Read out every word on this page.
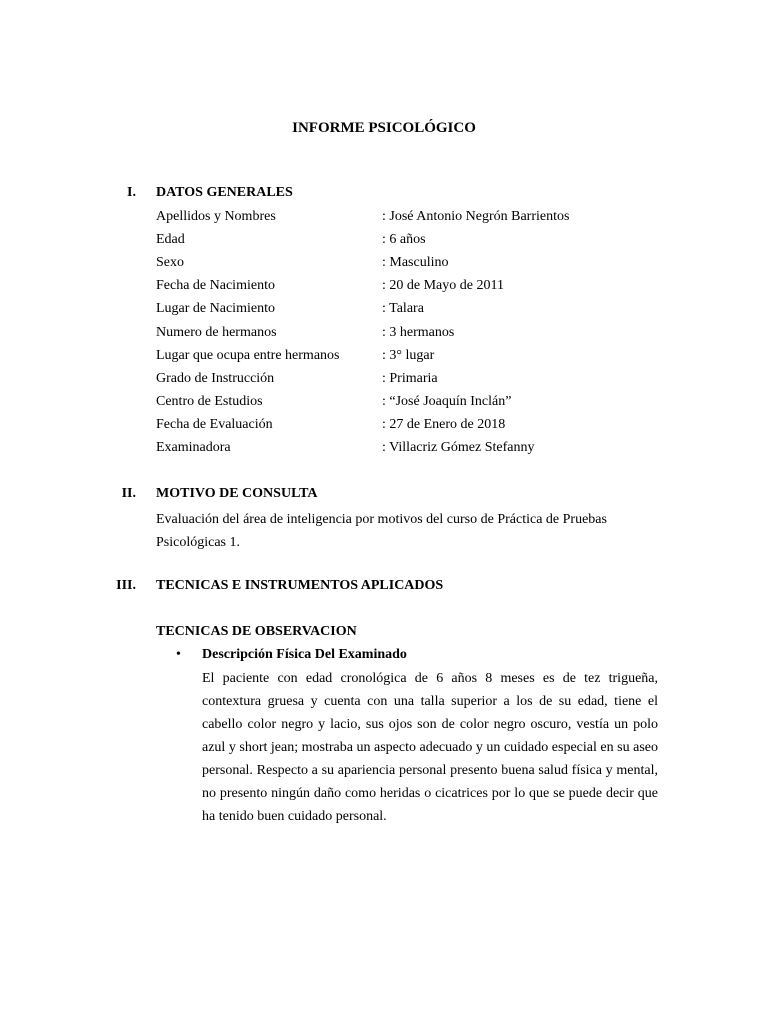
INFORME PSICOLÓGICO
I. DATOS GENERALES
Apellidos y Nombres	: José Antonio Negrón Barrientos
Edad	: 6 años
Sexo	: Masculino
Fecha de Nacimiento	: 20 de Mayo de 2011
Lugar de Nacimiento	: Talara
Numero de hermanos	: 3 hermanos
Lugar que ocupa entre hermanos	: 3° lugar
Grado de Instrucción	: Primaria
Centro de Estudios	: “José Joaquín Inclán”
Fecha de Evaluación	: 27 de Enero de 2018
Examinadora	: Villacriz Gómez Stefanny
II. MOTIVO DE CONSULTA
Evaluación del área de inteligencia por motivos del curso de Práctica de Pruebas Psicológicas 1.
III. TECNICAS E INSTRUMENTOS APLICADOS
TECNICAS DE OBSERVACION
• Descripción Física Del Examinado
El paciente con edad cronológica de 6 años 8 meses es de tez trigueña, contextura gruesa y cuenta con una talla superior a los de su edad, tiene el cabello color negro y lacio, sus ojos son de color negro oscuro, vestía un polo azul y short jean; mostraba un aspecto adecuado y un cuidado especial en su aseo personal. Respecto a su apariencia personal presento buena salud física y mental, no presento ningún daño como heridas o cicatrices por lo que se puede decir que ha tenido buen cuidado personal.
